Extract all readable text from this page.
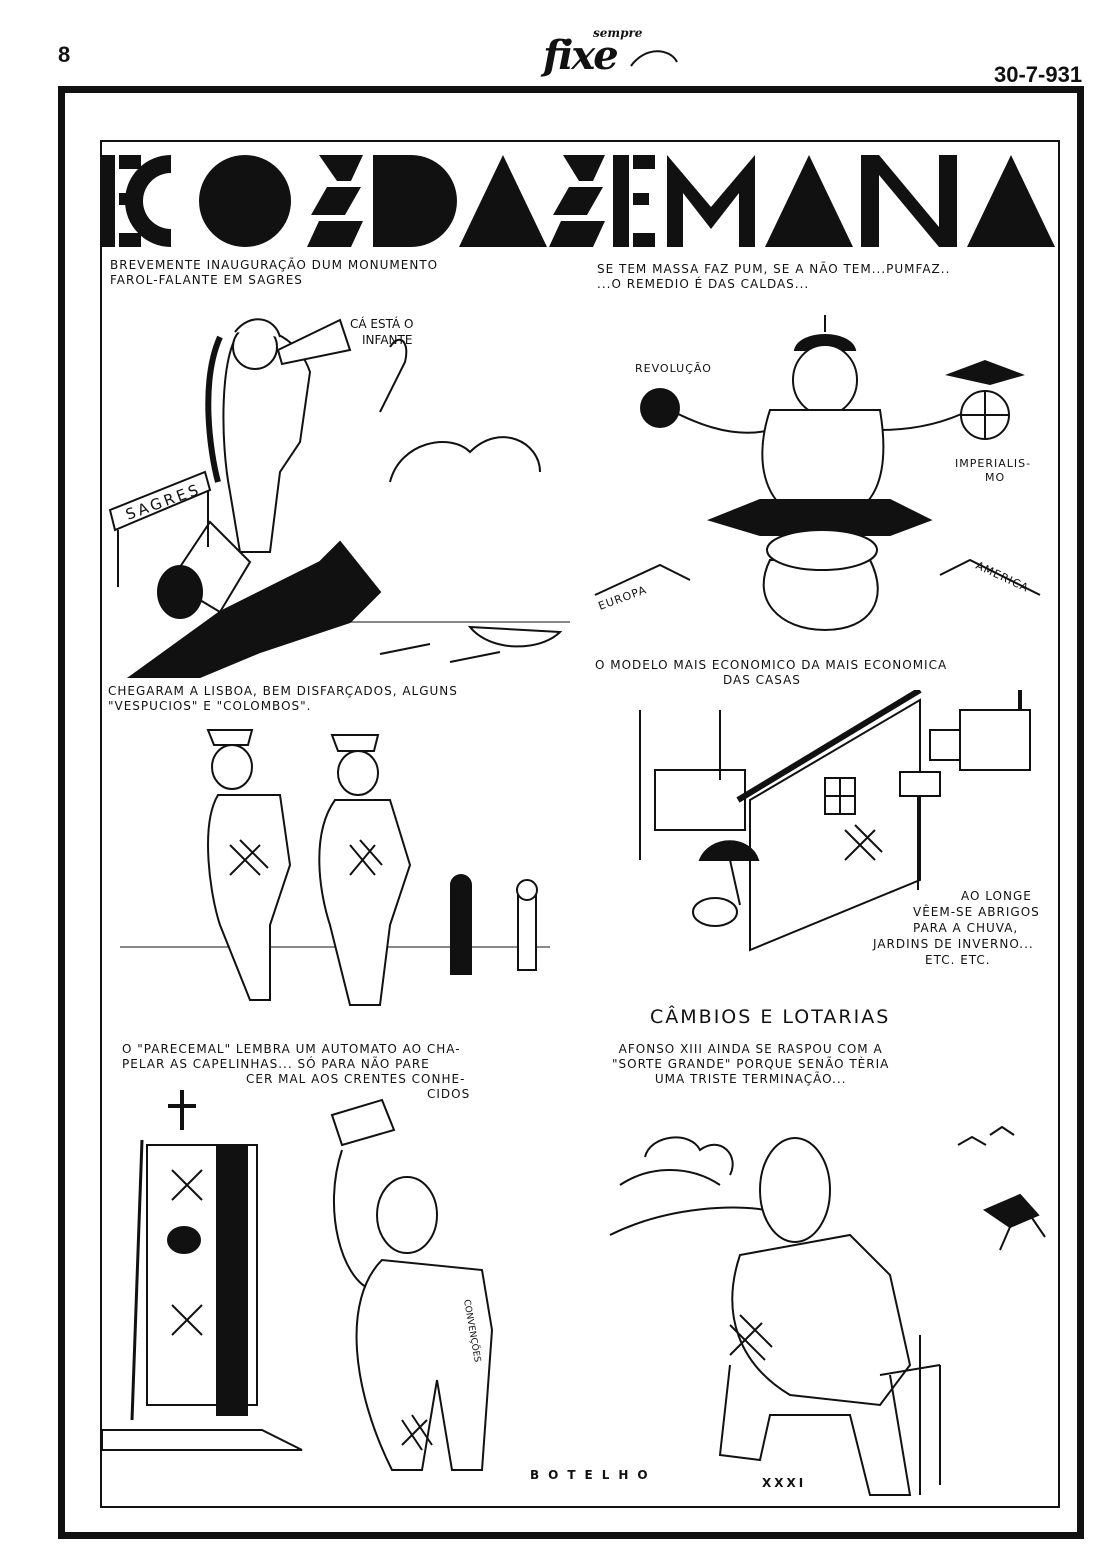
8
sempre
fixe	30-7-931
BREVEMENTE INAUGURAÇÃO DUM MONUMENTO
FAROL-FALANTE EM SAGRES
SAGRES
CÁ ESTÁ O
INFANTE
SE TEM MASSA FAZ PUM, SE A NÃO TEM...PUMFAZ..
...O REMEDIO É DAS CALDAS...
REVOLUÇÃO
IMPERIALIS-
MO
EUROPA
AMERICA
CHEGARAM A LISBOA, BEM DISFARÇADOS, ALGUNS
"VESPUCIOS" E "COLOMBOS".
O MODELO MAIS ECONOMICO DA MAIS ECONOMICA
DAS CASAS
AO LONGE
VÊEM-SE ABRIGOS
PARA A CHUVA,
JARDINS DE INVERNO...
ETC. ETC.
O "PARECEMAL" LEMBRA UM AUTOMATO AO CHA-
PELAR AS CAPELINHAS... SÓ PARA NÃO PARE
CER MAL AOS CRENTES CONHE-
CIDOS
CONVENÇÕES
CÂMBIOS E LOTARIAS
AFONSO XIII AINDA SE RASPOU COM A
"SORTE GRANDE" PORQUE SENÃO TÈRIA
UMA TRISTE TERMINAÇÃO...
BOTELHO
XXXI
